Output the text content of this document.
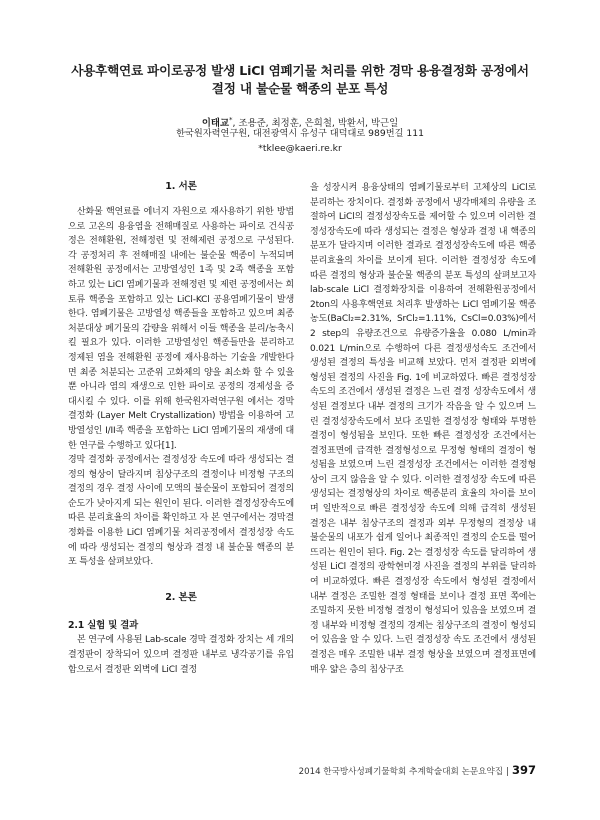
사용후핵연료 파이로공정 발생 LiCl 염폐기물 처리를 위한 경막 용융결정화 공정에서
결정 내 불순물 핵종의 분포 특성
이태교*, 조용준, 최정훈, 은희철, 박환서, 박근일
한국원자력연구원, 대전광역시 유성구 대덕대로 989번길 111
*tklee@kaeri.re.kr
1. 서론

산화물 핵연료를 에너지 자원으로 재사용하기 위한 방법으로 고온의 용융염을 전해매질로 사용하는 파이로 건식공정은 전해환원, 전해정련 및 전해제련 공정으로 구성된다. 각 공정처리 후 전해매질 내에는 불순물 핵종이 누적되며 전해환원 공정에서는 고방열성인 1족 및 2족 핵종을 포함하고 있는 LiCl 염폐기물과 전해정련 및 제련 공정에서는 희토류 핵종을 포함하고 있는 LiCl-KCl 공용염폐기물이 발생한다. 염폐기물은 고방열성 핵종들을 포함하고 있으며 최종 처분대상 폐기물의 감량을 위해서 이들 핵종을 분리/농축시킬 필요가 있다. 이러한 고방열성인 핵종들만을 분리하고 정제된 염을 전해환원 공정에 재사용하는 기술을 개발한다면 최종 처분되는 고준위 고화체의 양을 최소화 할 수 있을 뿐 아니라 염의 재생으로 인한 파이로 공정의 경제성을 증대시킬 수 있다. 이를 위해 한국원자력연구원 에서는 경막 결정화 (Layer Melt Crystallization) 방법을 이용하여 고방열성인 I/II족 핵종을 포함하는 LiCl 염폐기물의 재생에 대한 연구를 수행하고 있다[1].

경막 결정화 공정에서는 결정성장 속도에 따라 생성되는 결정의 형상이 달라지며 침상구조의 결정이나 비정형 구조의 결정의 경우 결정 사이에 모액의 불순물이 포함되어 결정의 순도가 낮아지게 되는 원인이 된다. 이러한 결정성장속도에 따른 분리효율의 차이를 확인하고 자 본 연구에서는 경막결정화를 이용한 LiCl 염폐기물 처리공정에서 결정성장 속도에 따라 생성되는 결정의 형상과 결정 내 불순물 핵종의 분포 특성을 살펴보았다.

2. 본론
2.1 실험 및 결과

본 연구에 사용된 Lab-scale 경막 결정화 장치는 세 개의 결정판이 장착되어 있으며 결정판 내부로 냉각공기를 유입함으로서 결정판 외벽에 LiCl 결정

을 성장시켜 용융상태의 염폐기물로부터 고체상의 LiCl로 분리하는 장치이다. 결정화 공정에서 냉각매체의 유량을 조절하여 LiCl의 결정성장속도를 제어할 수 있으며 이러한 결정성장속도에 따라 생성되는 결정은 형상과 결정 내 핵종의 분포가 달라지며 이러한 결과로 결정성장속도에 따른 핵종분리효율의 차이를 보이게 된다. 이러한 결정성장 속도에 따른 결정의 형상과 불순물 핵종의 분포 특성의 살펴보고자 lab-scale LiCl 결정화장치를 이용하여 전해환원공정에서 2ton의 사용후핵연료 처리후 발생하는 LiCl 염폐기물 핵종농도(BaCl₂=2.31%, SrCl₂=1.11%, CsCl=0.03%)에서 2 step의 유량조건으로 유량증가율을 0.080 L/min과 0.021 L/min으로 수행하여 다른 결정생성속도 조건에서 생성된 결정의 특성을 비교해 보았다. 먼저 결정판 외벽에 형성된 결정의 사진을 Fig. 1에 비교하였다. 빠른 결정성장 속도의 조건에서 생성된 결정은 느린 결정 성장속도에서 생성된 결정보다 내부 결정의 크기가 작음을 알 수 있으며 느린 결정성장속도에서 보다 조밀한 결정성장 형태와 투명한 결정이 형성됨을 보인다. 또한 빠른 결정성장 조건에서는 결정표면에 급격한 결정형성으로 무정형 형태의 결정이 형성됨을 보였으며 느린 결정성장 조건에서는 이러한 결정형상이 크지 않음을 알 수 있다. 이러한 결정성장 속도에 따른 생성되는 결정형상의 차이로 핵종분리 효율의 차이를 보이며 일반적으로 빠른 결정성장 속도에 의해 급격히 생성된 결정은 내부 침상구조의 결정과 외부 무정형의 결정상 내 불순물의 내포가 쉽게 일어나 최종적인 결정의 순도를 떨어뜨리는 원인이 된다. Fig. 2는 결정성장 속도를 달리하여 생성된 LiCl 결정의 광학현미경 사진을 결정의 부위를 달리하여 비교하였다. 빠른 결정성장 속도에서 형성된 결정에서 내부 결정은 조밀한 결정 형태를 보이나 결정 표면 쪽에는 조밀하지 못한 비정형 결정이 형성되어 있음을 보였으며 결정 내부와 비정형 결정의 경계는 침상구조의 결정이 형성되어 있음을 알 수 있다. 느린 결정성장 속도 조건에서 생성된 결정은 매우 조밀한 내부 결정 형상을 보였으며 결정표면에 매우 얇은 층의 침상구조

2014 한국방사성폐기물학회 추계학술대회 논문요약집 | 397
